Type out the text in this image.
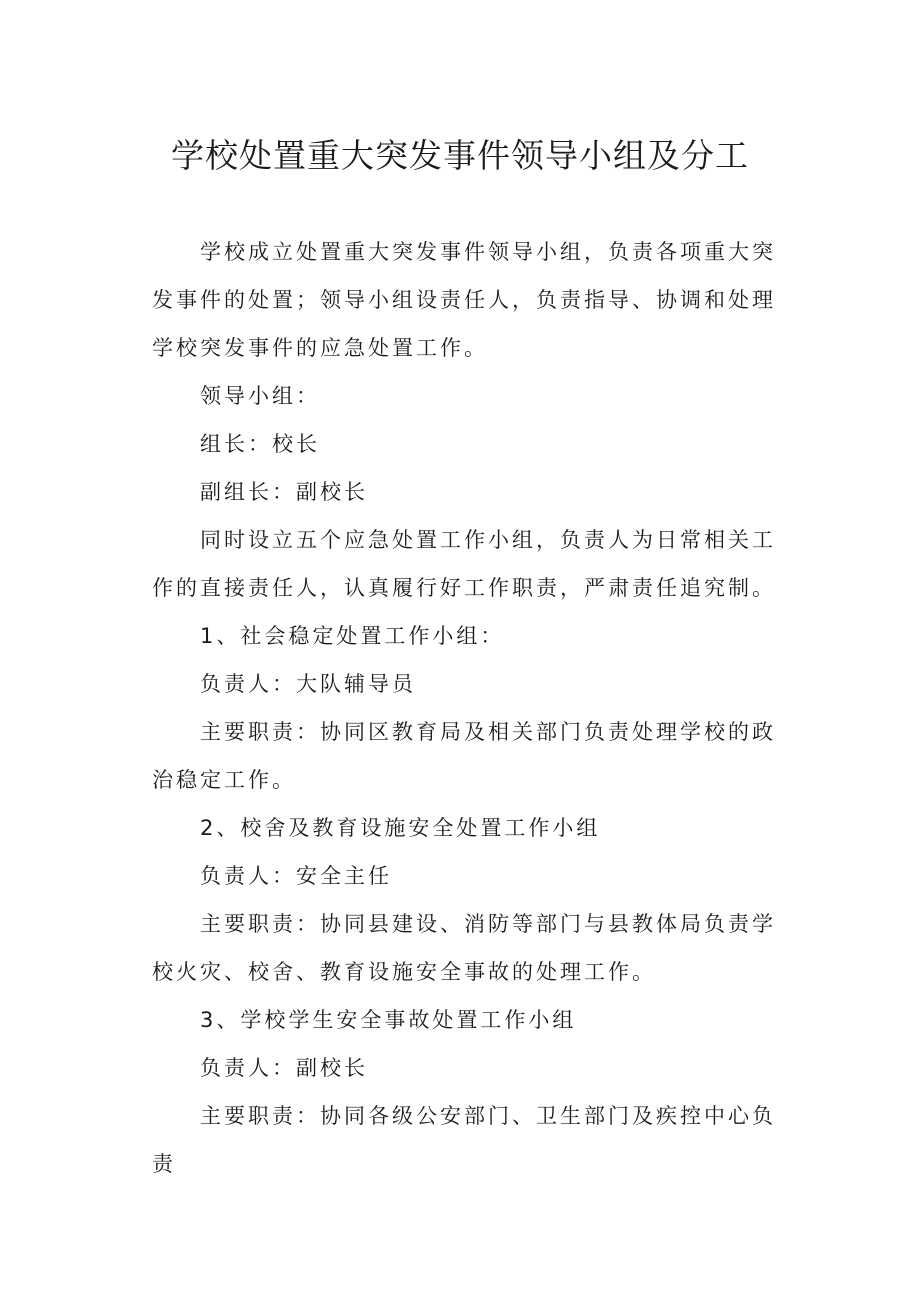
学校处置重大突发事件领导小组及分工

学校成立处置重大突发事件领导小组，负责各项重大突发事件的处置；领导小组设责任人，负责指导、协调和处理学校突发事件的应急处置工作。

领导小组：

组长：校长

副组长：副校长

同时设立五个应急处置工作小组，负责人为日常相关工作的直接责任人，认真履行好工作职责，严肃责任追究制。

1、社会稳定处置工作小组：

负责人：大队辅导员

主要职责：协同区教育局及相关部门负责处理学校的政治稳定工作。

2、校舍及教育设施安全处置工作小组

负责人：安全主任

主要职责：协同县建设、消防等部门与县教体局负责学校火灾、校舍、教育设施安全事故的处理工作。

3、学校学生安全事故处置工作小组

负责人：副校长

主要职责：协同各级公安部门、卫生部门及疾控中心负责
